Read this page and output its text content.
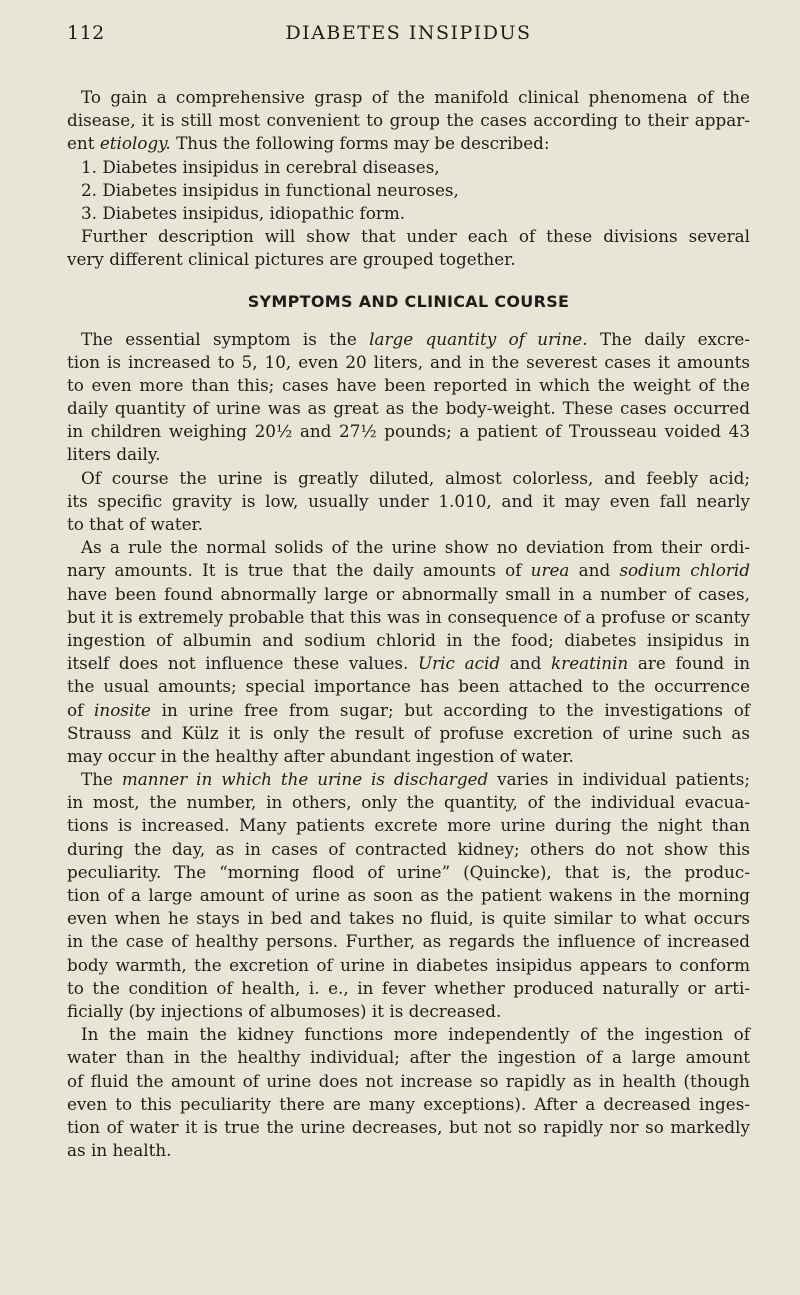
112	DIABETES INSIPIDUS
To gain a comprehensive grasp of the manifold clinical phenomena of the
disease, it is still most convenient to group the cases according to their appar-
ent etiology. Thus the following forms may be described:
1. Diabetes insipidus in cerebral diseases,
2. Diabetes insipidus in functional neuroses,
3. Diabetes insipidus, idiopathic form.
Further description will show that under each of these divisions several
very different clinical pictures are grouped together.
SYMPTOMS AND CLINICAL COURSE
The essential symptom is the large quantity of urine. The daily excre-
tion is increased to 5, 10, even 20 liters, and in the severest cases it amounts
to even more than this; cases have been reported in which the weight of the
daily quantity of urine was as great as the body-weight. These cases occurred
in children weighing 20½ and 27½ pounds; a patient of Trousseau voided 43
liters daily.
Of course the urine is greatly diluted, almost colorless, and feebly acid;
its specific gravity is low, usually under 1.010, and it may even fall nearly
to that of water.
As a rule the normal solids of the urine show no deviation from their ordi-
nary amounts. It is true that the daily amounts of urea and sodium chlorid
have been found abnormally large or abnormally small in a number of cases,
but it is extremely probable that this was in consequence of a profuse or scanty
ingestion of albumin and sodium chlorid in the food; diabetes insipidus in
itself does not influence these values. Uric acid and kreatinin are found in
the usual amounts; special importance has been attached to the occurrence
of inosite in urine free from sugar; but according to the investigations of
Strauss and Külz it is only the result of profuse excretion of urine such as
may occur in the healthy after abundant ingestion of water.
The manner in which the urine is discharged varies in individual patients;
in most, the number, in others, only the quantity, of the individual evacua-
tions is increased. Many patients excrete more urine during the night than
during the day, as in cases of contracted kidney; others do not show this
peculiarity. The “morning flood of urine” (Quincke), that is, the produc-
tion of a large amount of urine as soon as the patient wakens in the morning
even when he stays in bed and takes no fluid, is quite similar to what occurs
in the case of healthy persons. Further, as regards the influence of increased
body warmth, the excretion of urine in diabetes insipidus appears to conform
to the condition of health, i. e., in fever whether produced naturally or arti-
ficially (by injections of albumoses) it is decreased.
In the main the kidney functions more independently of the ingestion of
water than in the healthy individual; after the ingestion of a large amount
of fluid the amount of urine does not increase so rapidly as in health (though
even to this peculiarity there are many exceptions). After a decreased inges-
tion of water it is true the urine decreases, but not so rapidly nor so markedly
as in health.
